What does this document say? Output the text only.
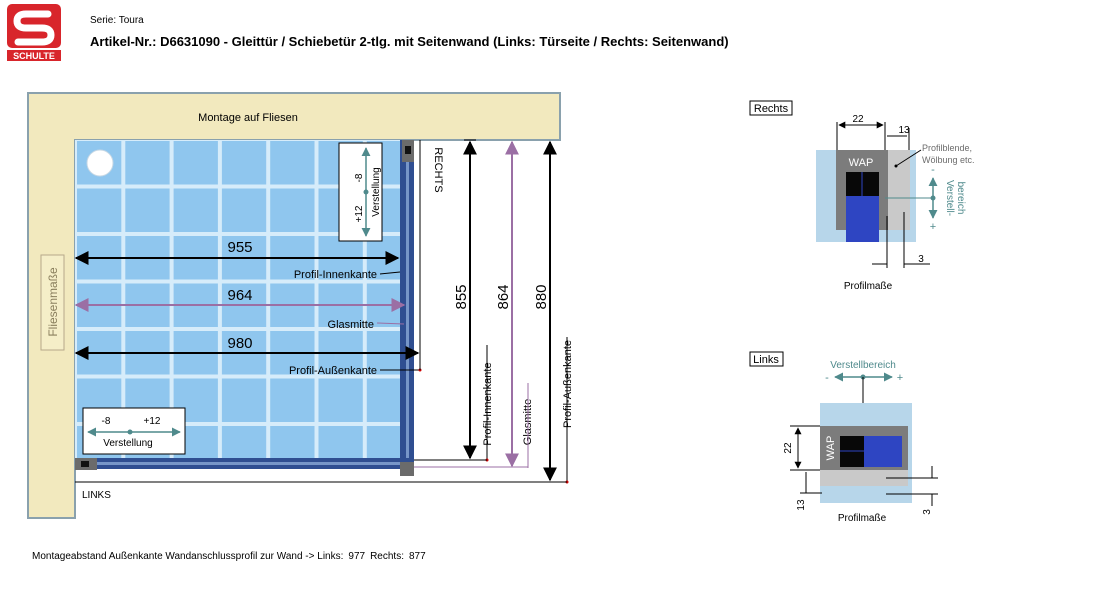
SCHULTE
Serie: Toura
Artikel-Nr.: D6631090 - Gleittür / Schiebetür 2-tlg. mit Seitenwand (Links: Türseite / Rechts: Seitenwand)
Montage auf Fliesen
Fliesenmaße
-8
+12 Verstellung
-8	+12
Verstellung
955
Profil-Innenkante
964
Glasmitte
980
Profil-Außenkante
RECHTS
LINKS
855
Profil-Innenkante
864
Glasmitte
880
Profil-Außenkante
Rechts
WAP
22
13
Profilblende,
Wölbung etc.
-
+
Verstell- bereich
3
Profilmaße
Links	Verstellbereich
-	+
WAP
22
13
3
Profilmaße
Montageabstand Außenkante Wandanschlussprofil zur Wand -> Links: 977 Rechts: 877
